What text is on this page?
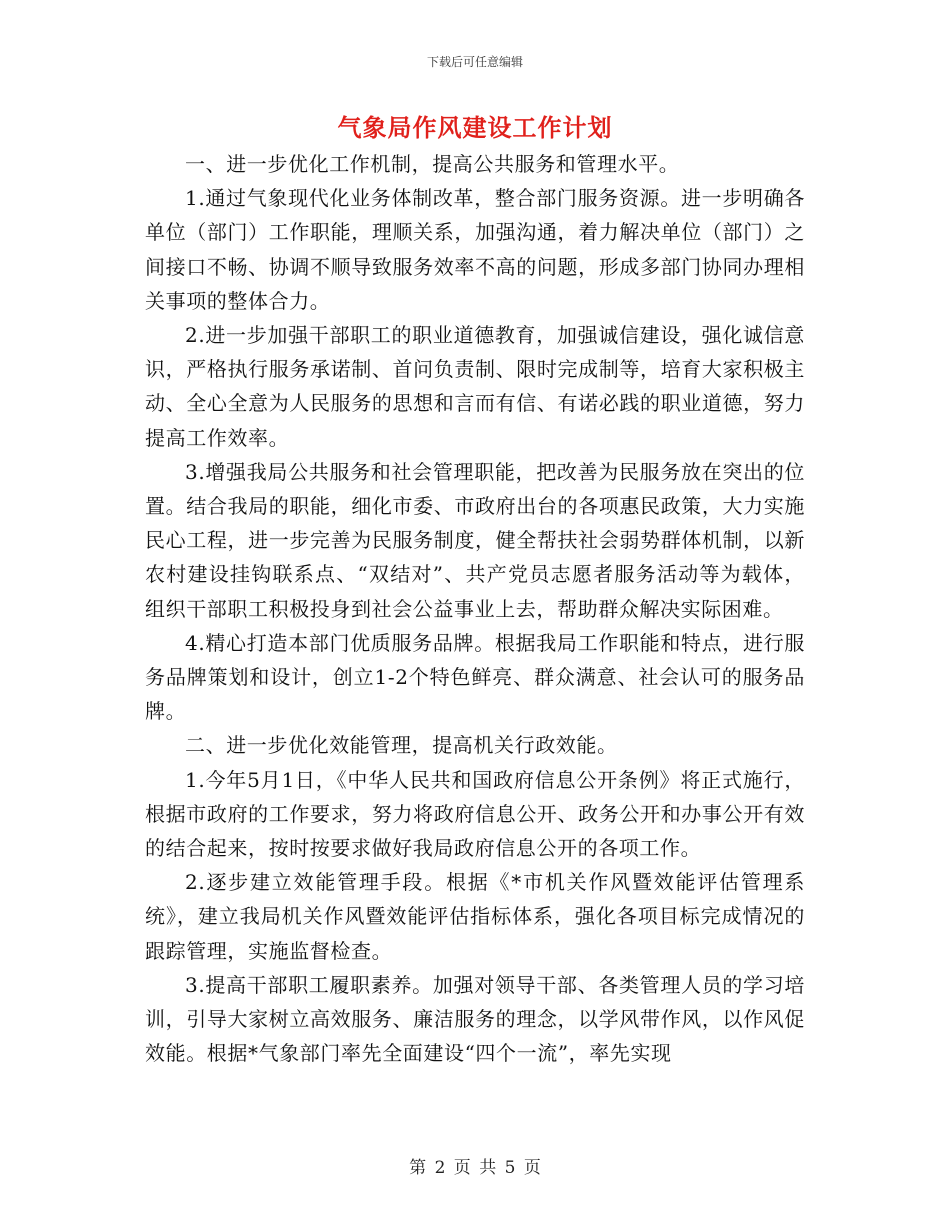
下载后可任意编辑
气象局作风建设工作计划

一、进一步优化工作机制，提高公共服务和管理水平。

1.通过气象现代化业务体制改革，整合部门服务资源。进一步明确各单位（部门）工作职能，理顺关系，加强沟通，着力解决单位（部门）之间接口不畅、协调不顺导致服务效率不高的问题，形成多部门协同办理相关事项的整体合力。

2.进一步加强干部职工的职业道德教育，加强诚信建设，强化诚信意识，严格执行服务承诺制、首问负责制、限时完成制等，培育大家积极主动、全心全意为人民服务的思想和言而有信、有诺必践的职业道德，努力提高工作效率。

3.增强我局公共服务和社会管理职能，把改善为民服务放在突出的位置。结合我局的职能，细化市委、市政府出台的各项惠民政策，大力实施民心工程，进一步完善为民服务制度，健全帮扶社会弱势群体机制，以新农村建设挂钩联系点、“双结对”、共产党员志愿者服务活动等为载体，组织干部职工积极投身到社会公益事业上去，帮助群众解决实际困难。

4.精心打造本部门优质服务品牌。根据我局工作职能和特点，进行服务品牌策划和设计，创立1-2个特色鲜亮、群众满意、社会认可的服务品牌。

二、进一步优化效能管理，提高机关行政效能。

1.今年5月1日，《中华人民共和国政府信息公开条例》将正式施行，根据市政府的工作要求，努力将政府信息公开、政务公开和办事公开有效的结合起来，按时按要求做好我局政府信息公开的各项工作。

2.逐步建立效能管理手段。根据《*市机关作风暨效能评估管理系统》，建立我局机关作风暨效能评估指标体系，强化各项目标完成情况的跟踪管理，实施监督检查。

3.提高干部职工履职素养。加强对领导干部、各类管理人员的学习培训，引导大家树立高效服务、廉洁服务的理念，以学风带作风，以作风促效能。根据*气象部门率先全面建设“四个一流”，率先实现

第 2 页 共 5 页
